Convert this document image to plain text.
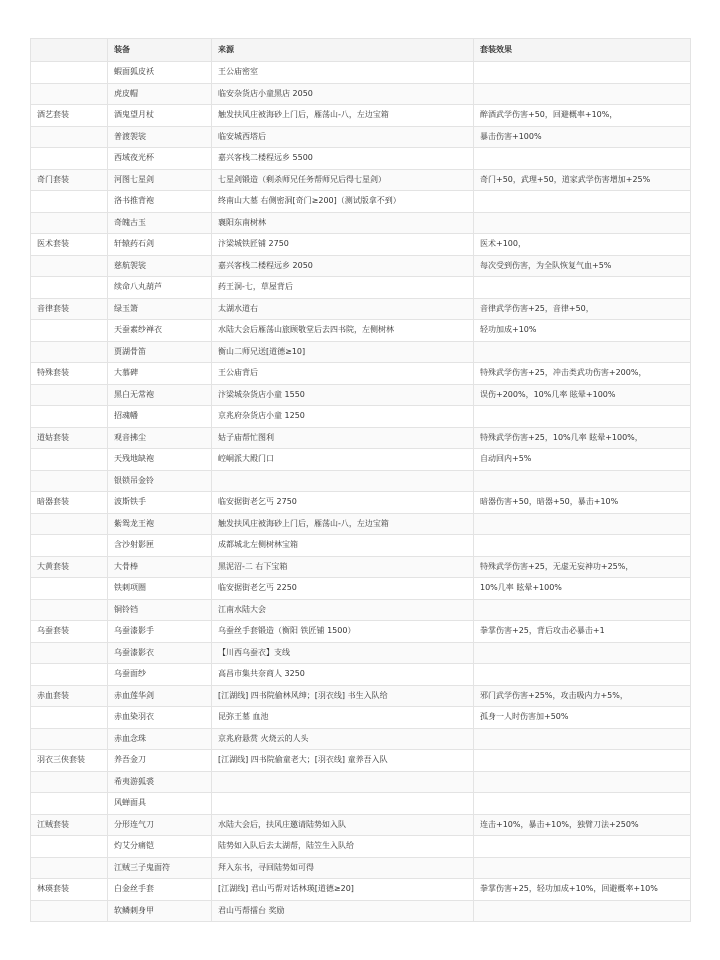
	装备	来源	套装效果
	蝦面狐皮袄	王公庙密室	
	虎皮帽	临安杂货店小童黑店 2050	
酒艺套装	酒鬼望月杖	触发扶风庄被海砂上门后，雁荡山-八，左边宝箱	醉酒武学伤害+50，回避概率+10%，
	普渡袈裟	临安城西塔后	暴击伤害+100%
	西域夜光杯	嘉兴客栈二楼程远乡 5500	
奇门套装	河图七星剑	七星剑锻造（剩杀师兄任务帮师兄后得七星剑）	奇门+50，武理+50，道家武学伤害增加+25%
	洛书推背袍	终南山大墓 右侧密洞[奇门≥200]（测试版拿不到）	
	奇魄古玉	襄阳东南树林	
医术套装	轩辕药石剑	汴梁城铁匠铺 2750	医术+100，
	慈航袈裟	嘉兴客栈二楼程远乡 2050	每次受到伤害，为全队恢复气血+5%
	续命八丸葫芦	药王洞-七，草屋背后	
音律套装	绿玉箫	太湖水道右	音律武学伤害+25，音律+50，
	天蚕素纱禅衣	水陆大会后雁荡山旅顾敬堂后去四书院，左侧树林	轻功加成+10%
	贾湖骨笛	衡山二师兄送[道德≥10]	
特殊套装	大慕碑	王公庙背后	特殊武学伤害+25，冲击类武功伤害+200%，
	黑白无常袍	汴梁城杂货店小童 1550	误伤+200%，10%几率 眩晕+100%
	招魂幡	京兆府杂货店小童 1250	
道姑套装	观音拂尘	姑子庙帮忙图利	特殊武学伤害+25，10%几率 眩晕+100%，
	天残地缺袍	崆峒派大殿门口	自动回内+5%
	银锁吊金铃		
暗器套装	波斯铁手	临安据街老乞丐 2750	暗器伤害+50，暗器+50，暴击+10%
	紫鸳龙王袍	触发扶风庄被海砂上门后，雁荡山-八，左边宝箱	
	含沙射影匣	成都城北左侧树林宝箱	
大黄套装	大骨棒	黑泥沼-二 右下宝箱	特殊武学伤害+25，无虚无妄神功+25%，
	铁刺项圈	临安据街老乞丐 2250	10%几率 眩晕+100%
	铜铃铛	江南水陆大会	
乌蚕套装	乌蚕漆影手	乌蚕丝手套锻造（衡阳 铁匠铺 1500）	拳掌伤害+25，背后攻击必暴击+1
	乌蚕漆影衣	【川西乌蚕衣】支线	
	乌蚕面纱	高昌市集共奈商人 3250	
赤血套装	赤血莲华剑	[江湖线] 四书院偷林风绅；[羽衣线] 书生入队给	邪门武学伤害+25%，攻击吸内力+5%，
	赤血染羽衣	昆弥王墓 血池	孤身一人时伤害加+50%
	赤血念珠	京兆府悬赏 火烧云的人头	
羽衣三侠套装	养吾金刀	[江湖线] 四书院偷童老大；[羽衣线] 童养吾入队	
	希夷游狐裘		
	风蝉面具		
江贼套装	分形连气刀	水陆大会后，扶风庄邀请陆势如入队	连击+10%，暴击+10%，独臂刀法+250%
	灼艾分痛铠	陆势如入队后去太湖帮，陆笠生入队给	
	江贼三子鬼面符	拜入东书，寻回陆势如可得	
林瑛套装	白金丝手套	[江湖线] 君山丐帮对话林瑛[道德≥20]	拳掌伤害+25，轻功加成+10%，回避概率+10%
	软鳞刺身甲	君山丐帮擂台 奖励	
